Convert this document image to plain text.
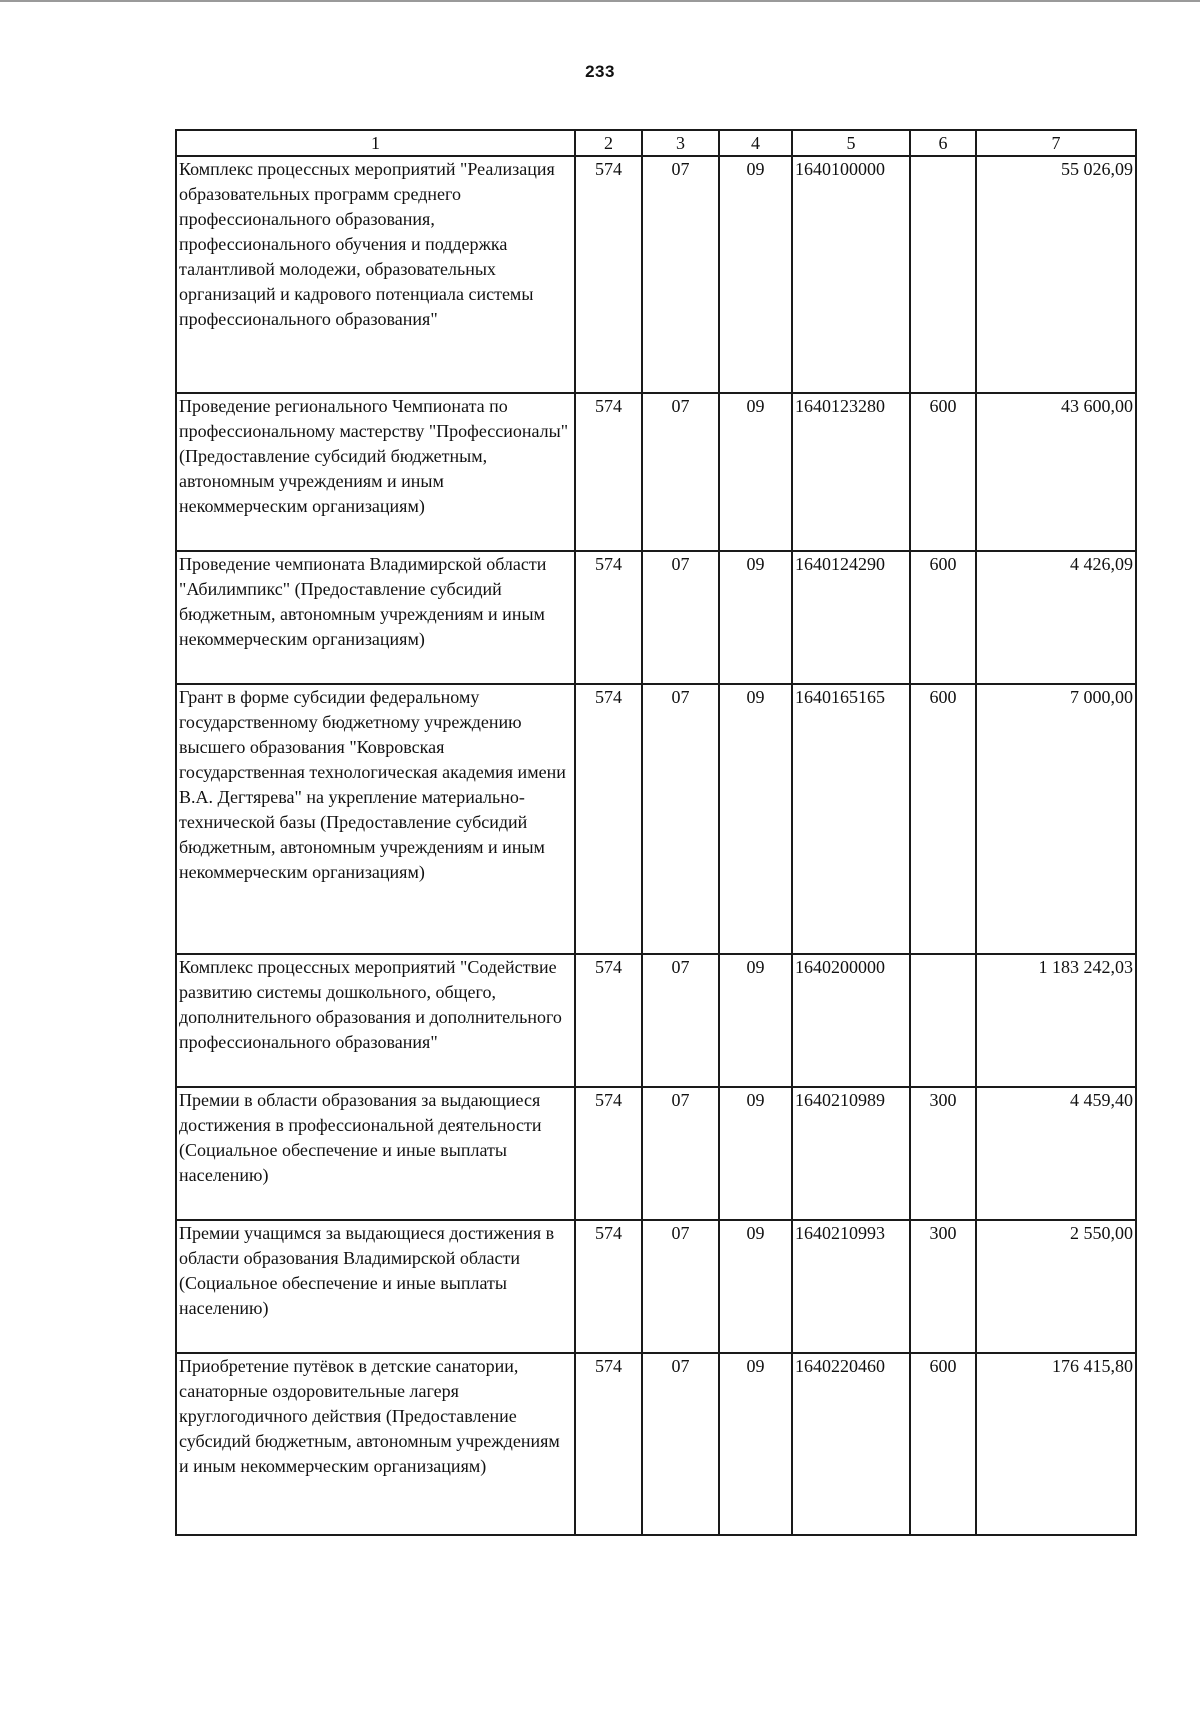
233
1	2	3	4	5	6	7
Комплекс процессных мероприятий "Реализация образовательных программ среднего профессионального образования, профессионального обучения и поддержка талантливой молодежи, образовательных организаций и кадрового потенциала системы профессионального образования"	574	07	09	1640100000		55 026,09
Проведение регионального Чемпионата по профессиональному мастерству "Профессионалы" (Предоставление субсидий бюджетным, автономным учреждениям и иным некоммерческим организациям)	574	07	09	1640123280	600	43 600,00
Проведение чемпионата Владимирской области "Абилимпикс" (Предоставление субсидий бюджетным, автономным учреждениям и иным некоммерческим организациям)	574	07	09	1640124290	600	4 426,09
Грант в форме субсидии федеральному государственному бюджетному учреждению высшего образования "Ковровская государственная технологическая академия имени В.А. Дегтярева" на укрепление материально-технической базы (Предоставление субсидий бюджетным, автономным учреждениям и иным некоммерческим организациям)	574	07	09	1640165165	600	7 000,00
Комплекс процессных мероприятий "Содействие развитию системы дошкольного, общего, дополнительного образования и дополнительного профессионального образования"	574	07	09	1640200000		1 183 242,03
Премии в области образования за выдающиеся достижения в профессиональной деятельности (Социальное обеспечение и иные выплаты населению)	574	07	09	1640210989	300	4 459,40
Премии учащимся за выдающиеся достижения в области образования Владимирской области (Социальное обеспечение и иные выплаты населению)	574	07	09	1640210993	300	2 550,00
Приобретение путёвок в детские санатории, санаторные оздоровительные лагеря круглогодичного действия (Предоставление субсидий бюджетным, автономным учреждениям и иным некоммерческим организациям)	574	07	09	1640220460	600	176 415,80
